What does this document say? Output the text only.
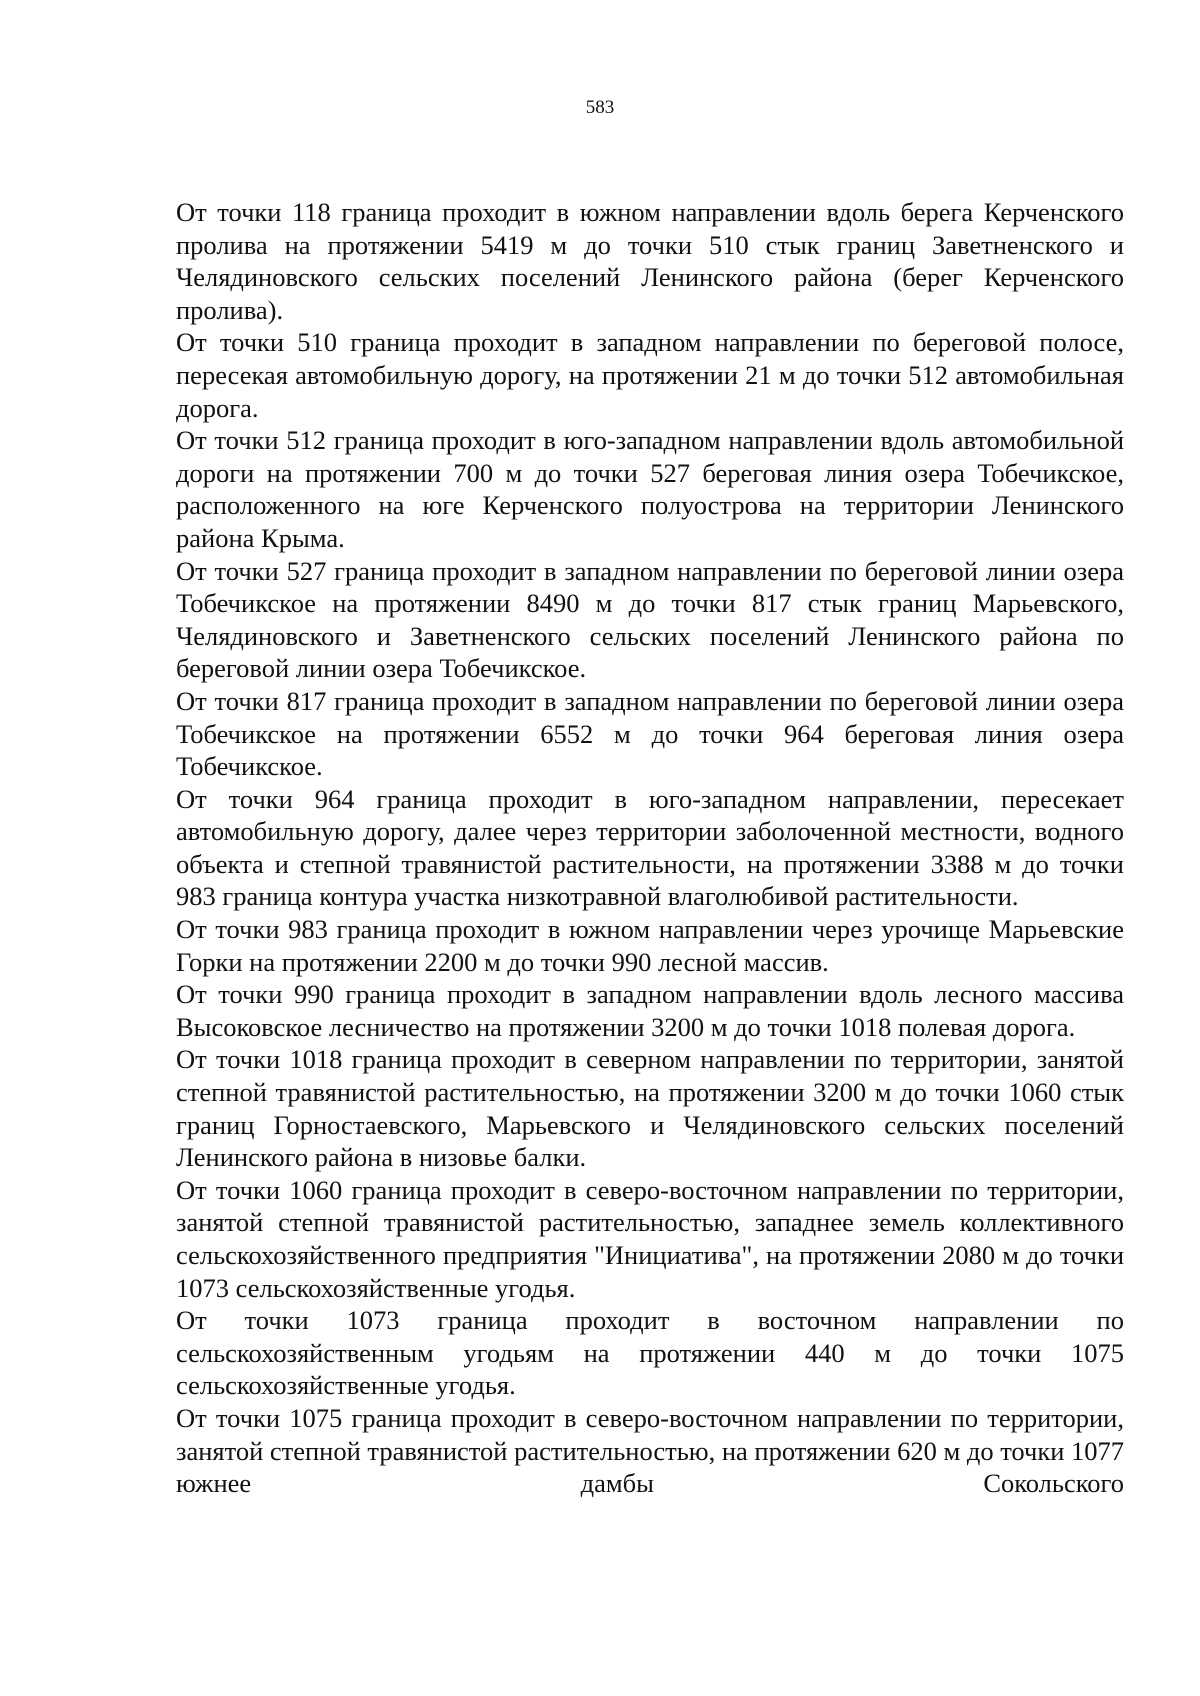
583

От точки 118 граница проходит в южном направлении вдоль берега Керченского пролива на протяжении 5419 м до точки 510 стык границ Заветненского и Челядиновского сельских поселений Ленинского района (берег Керченского пролива).

От точки 510 граница проходит в западном направлении по береговой полосе, пересекая автомобильную дорогу, на протяжении 21 м до точки 512 автомобильная дорога.

От точки 512 граница проходит в юго-западном направлении вдоль автомобильной дороги на протяжении 700 м до точки 527 береговая линия озера Тобечикское, расположенного на юге Керченского полуострова на территории Ленинского района Крыма.

От точки 527 граница проходит в западном направлении по береговой линии озера Тобечикское на протяжении 8490 м до точки 817 стык границ Марьевского, Челядиновского и Заветненского сельских поселений Ленинского района по береговой линии озера Тобечикское.

От точки 817 граница проходит в западном направлении по береговой линии озера Тобечикское на протяжении 6552 м до точки 964 береговая линия озера Тобечикское.

От точки 964 граница проходит в юго-западном направлении, пересекает автомобильную дорогу, далее через территории заболоченной местности, водного объекта и степной травянистой растительности, на протяжении 3388 м до точки 983 граница контура участка низкотравной влаголюбивой растительности.

От точки 983 граница проходит в южном направлении через урочище Марьевские Горки на протяжении 2200 м до точки 990 лесной массив.

От точки 990 граница проходит в западном направлении вдоль лесного массива Высоковское лесничество на протяжении 3200 м до точки 1018 полевая дорога.

От точки 1018 граница проходит в северном направлении по территории, занятой степной травянистой растительностью, на протяжении 3200 м до точки 1060 стык границ Горностаевского, Марьевского и Челядиновского сельских поселений Ленинского района в низовье балки.

От точки 1060 граница проходит в северо-восточном направлении по территории, занятой степной травянистой растительностью, западнее земель коллективного сельскохозяйственного предприятия "Инициатива", на протяжении 2080 м до точки 1073 сельскохозяйственные угодья.

От точки 1073 граница проходит в восточном направлении по сельскохозяйственным угодьям на протяжении 440 м до точки 1075 сельскохозяйственные угодья.

От точки 1075 граница проходит в северо-восточном направлении по территории, занятой степной травянистой растительностью, на протяжении 620 м до точки 1077 южнее дамбы Сокольского
